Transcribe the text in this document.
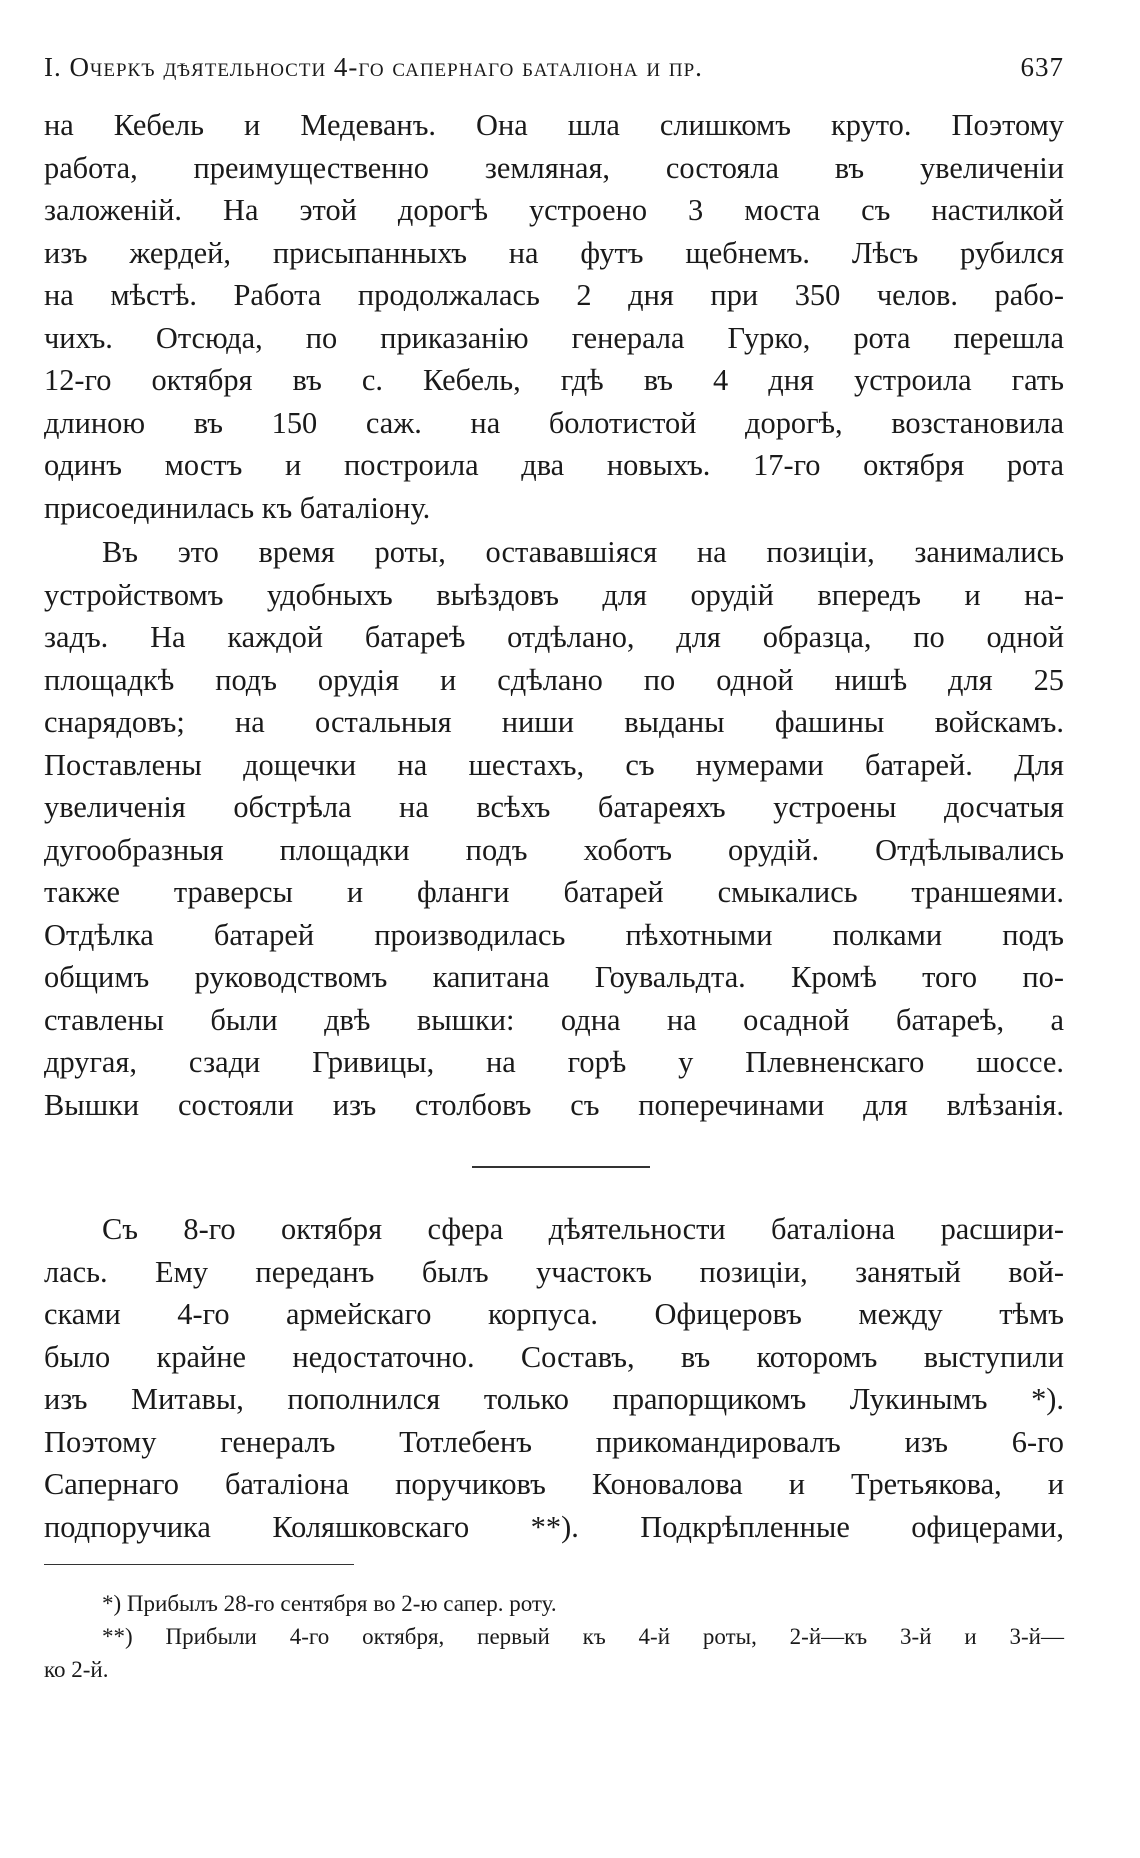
I. Очеркъ дѣятельности 4-го сапернаго баталіона и пр.	637

на Кебель и Медеванъ. Она шла слишкомъ круто. Поэтому
работа, преимущественно земляная, состояла въ увеличеніи
заложеній. На этой дорогѣ устроено 3 моста съ настилкой
изъ жердей, присыпанныхъ на футъ щебнемъ. Лѣсъ рубился
на мѣстѣ. Работа продолжалась 2 дня при 350 челов. рабо-
чихъ. Отсюда, по приказанію генерала Гурко, рота перешла
12-го октября въ с. Кебель, гдѣ въ 4 дня устроила гать
длиною въ 150 саж. на болотистой дорогѣ, возстановила
одинъ мостъ и построила два новыхъ. 17-го октября рота
присоединилась къ баталіону.

Въ это время роты, остававшіяся на позиціи, занимались
устройствомъ удобныхъ выѣздовъ для орудій впередъ и на-
задъ. На каждой батареѣ отдѣлано, для образца, по одной
площадкѣ подъ орудія и сдѣлано по одной нишѣ для 25
снарядовъ; на остальныя ниши выданы фашины войскамъ.
Поставлены дощечки на шестахъ, съ нумерами батарей. Для
увеличенія обстрѣла на всѣхъ батареяхъ устроены досчатыя
дугообразныя площадки подъ хоботъ орудій. Отдѣлывались
также траверсы и фланги батарей смыкались траншеями.
Отдѣлка батарей производилась пѣхотными полками подъ
общимъ руководствомъ капитана Гоувальдта. Кромѣ того по-
ставлены были двѣ вышки: одна на осадной батареѣ, а
другая, сзади Гривицы, на горѣ у Плевненскаго шоссе.
Вышки состояли изъ столбовъ съ поперечинами для влѣзанія.

Съ 8-го октября сфера дѣятельности баталіона расшири-
лась. Ему переданъ былъ участокъ позиціи, занятый вой-
сками 4-го армейскаго корпуса. Офицеровъ между тѣмъ
было крайне недостаточно. Составъ, въ которомъ выступили
изъ Митавы, пополнился только прапорщикомъ Лукинымъ *).
Поэтому генералъ Тотлебенъ прикомандировалъ изъ 6-го
Сапернаго баталіона поручиковъ Коновалова и Третьякова, и
подпоручика Коляшковскаго **). Подкрѣпленные офицерами,

*) Прибылъ 28-го сентября во 2-ю сапер. роту.
**) Прибыли 4-го октября, первый къ 4-й роты, 2-й—къ 3-й и 3-й—
ко 2-й.
